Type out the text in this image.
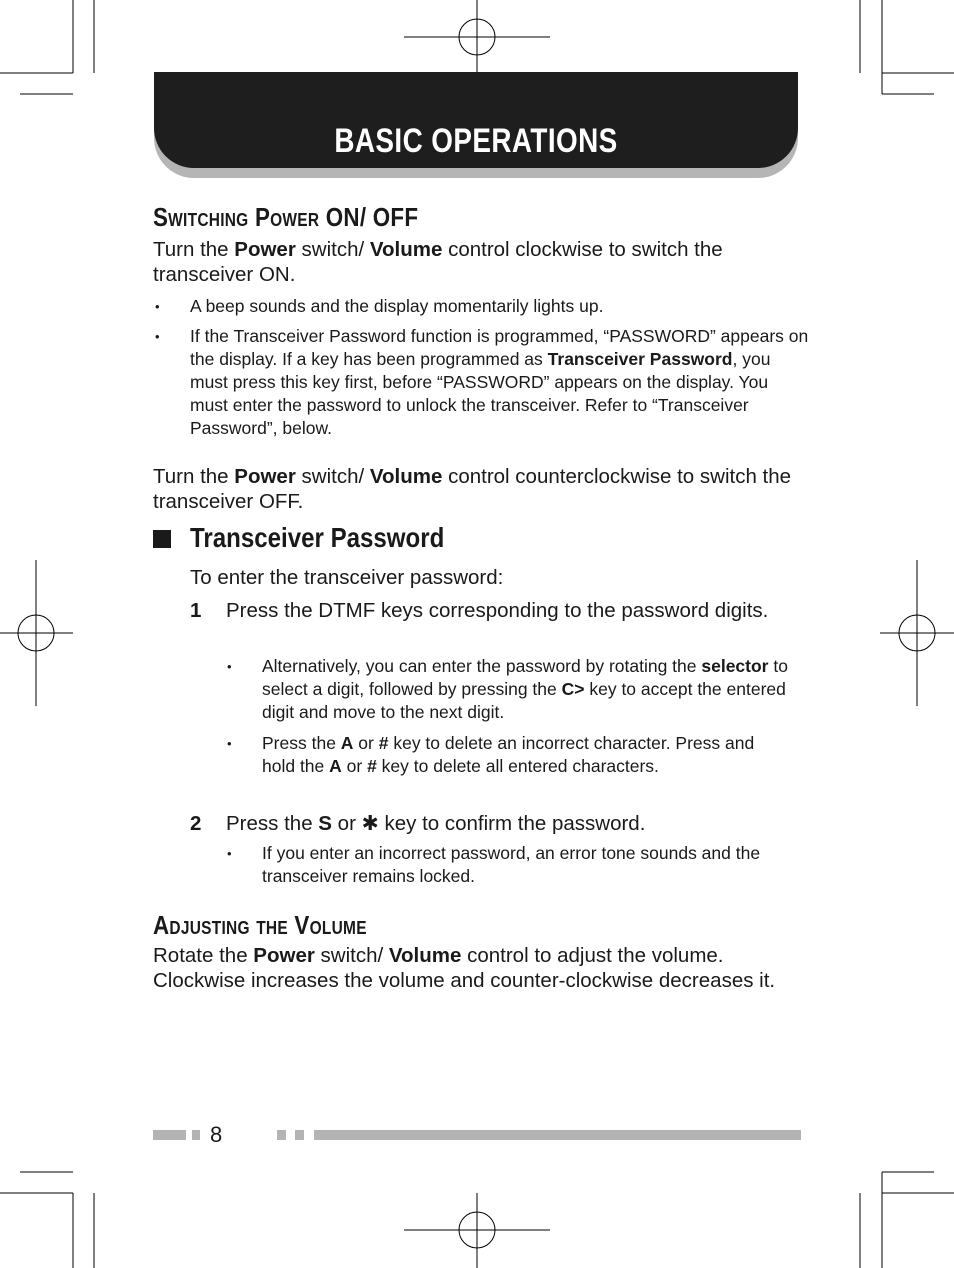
BASIC OPERATIONS
Switching Power ON/ OFF
Turn the Power switch/ Volume control clockwise to switch the transceiver ON.
• A beep sounds and the display momentarily lights up.
• If the Transceiver Password function is programmed, “PASSWORD” appears on the display. If a key has been programmed as Transceiver Password, you must press this key first, before “PASSWORD” appears on the display. You must enter the password to unlock the transceiver. Refer to “Transceiver Password”, below.
Turn the Power switch/ Volume control counterclockwise to switch the transceiver OFF.
Transceiver Password
To enter the transceiver password:
1 Press the DTMF keys corresponding to the password digits.
• Alternatively, you can enter the password by rotating the selector to select a digit, followed by pressing the C> key to accept the entered digit and move to the next digit.
• Press the A or # key to delete an incorrect character. Press and hold the A or # key to delete all entered characters.
2 Press the S or ✱ key to confirm the password.
• If you enter an incorrect password, an error tone sounds and the transceiver remains locked.
Adjusting the Volume
Rotate the Power switch/ Volume control to adjust the volume. Clockwise increases the volume and counter-clockwise decreases it.
8
